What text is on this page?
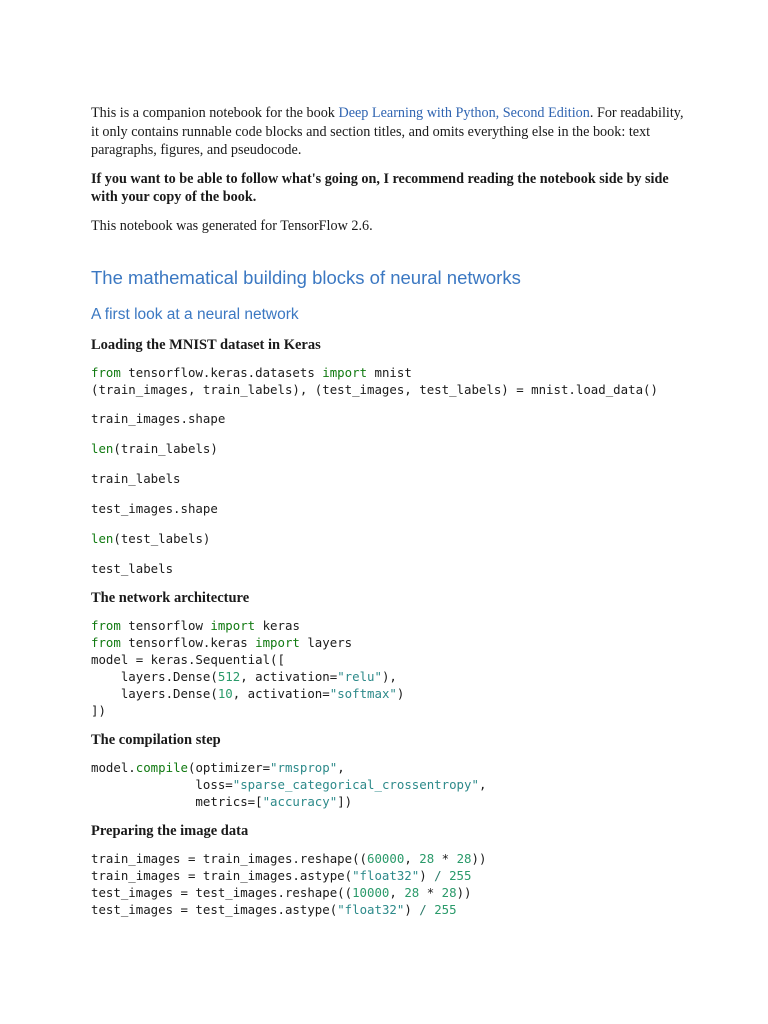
This is a companion notebook for the book Deep Learning with Python, Second Edition. For readability, it only contains runnable code blocks and section titles, and omits everything else in the book: text paragraphs, figures, and pseudocode.

If you want to be able to follow what's going on, I recommend reading the notebook side by side with your copy of the book.

This notebook was generated for TensorFlow 2.6.

The mathematical building blocks of neural networks
A first look at a neural network
Loading the MNIST dataset in Keras
from tensorflow.keras.datasets import mnist
(train_images, train_labels), (test_images, test_labels) = mnist.load_data()
train_images.shape
len(train_labels)
train_labels
test_images.shape
len(test_labels)
test_labels
The network architecture
from tensorflow import keras
from tensorflow.keras import layers
model = keras.Sequential([
layers.Dense(512, activation="relu"),
layers.Dense(10, activation="softmax")
])
The compilation step
model.compile(optimizer="rmsprop",
loss="sparse_categorical_crossentropy",
metrics=["accuracy"])
Preparing the image data
train_images = train_images.reshape((60000, 28 * 28))
train_images = train_images.astype("float32") / 255
test_images = test_images.reshape((10000, 28 * 28))
test_images = test_images.astype("float32") / 255
